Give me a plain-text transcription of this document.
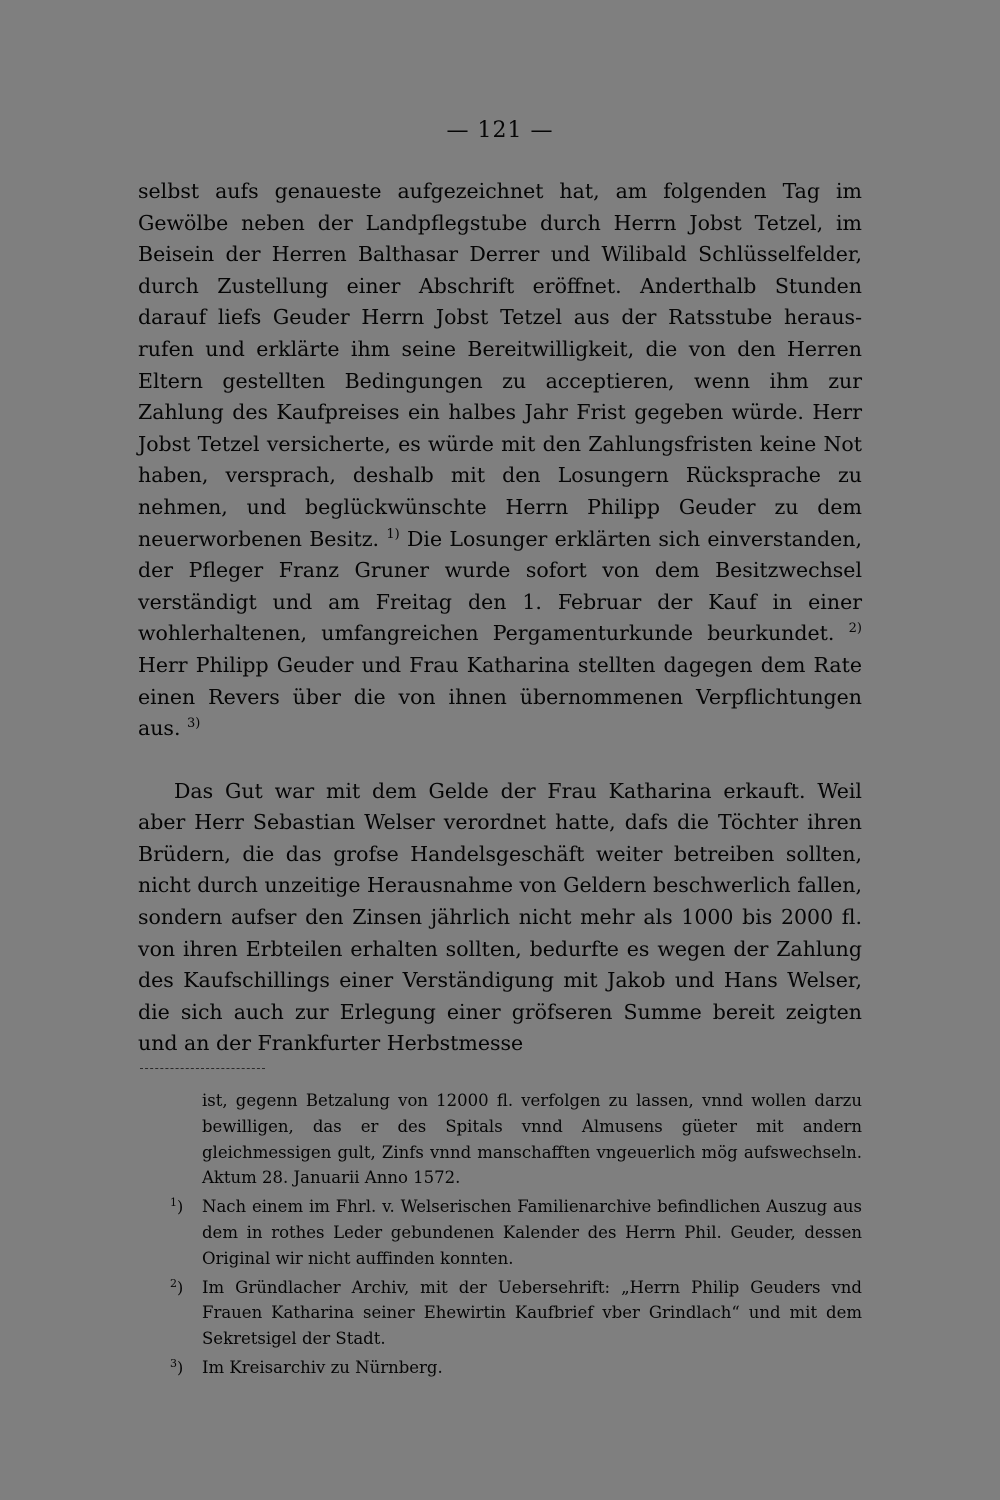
— 121 —

selbst aufs genaueste aufgezeichnet hat, am folgenden Tag im Gewölbe neben der Landpflegstube durch Herrn Jobst Tetzel, im Beisein der Herren Balthasar Derrer und Wilibald Schlüsselfelder, durch Zustellung einer Abschrift eröffnet. Anderthalb Stunden darauf liefs Geuder Herrn Jobst Tetzel aus der Ratsstube herausrufen und erklärte ihm seine Bereitwilligkeit, die von den Herren Eltern gestellten Bedingungen zu acceptieren, wenn ihm zur Zahlung des Kaufpreises ein halbes Jahr Frist gegeben würde. Herr Jobst Tetzel versicherte, es würde mit den Zahlungsfristen keine Not haben, versprach, deshalb mit den Losungern Rücksprache zu nehmen, und beglückwünschte Herrn Philipp Geuder zu dem neuerworbenen Besitz. $^{1)}$ Die Losunger erklärten sich einverstanden, der Pfleger Franz Gruner wurde sofort von dem Besitzwechsel verständigt und am Freitag den 1. Februar der Kauf in einer wohlerhaltenen, umfangreichen Pergamenturkunde beurkundet. $^{2)}$ Herr Philipp Geuder und Frau Katharina stellten dagegen dem Rate einen Revers über die von ihnen übernommenen Verpflichtungen aus. $^{3)}$

Das Gut war mit dem Gelde der Frau Katharina erkauft. Weil aber Herr Sebastian Welser verordnet hatte, dafs die Töchter ihren Brüdern, die das grofse Handelsgeschäft weiter betreiben sollten, nicht durch unzeitige Herausnahme von Geldern beschwerlich fallen, sondern aufser den Zinsen jährlich nicht mehr als 1000 bis 2000 fl. von ihren Erbteilen erhalten sollten, bedurfte es wegen der Zahlung des Kaufschillings einer Verständigung mit Jakob und Hans Welser, die sich auch zur Erlegung einer gröfseren Summe bereit zeigten und an der Frankfurter Herbstmesse

ist, gegenn Betzalung von 12000 fl. verfolgen zu lassen, vnnd wollen darzu bewilligen, das er des Spitals vnnd Almusens güeter mit andern gleichmessigen gult, Zinfs vnnd manschafften vngeuerlich mög aufswechseln. Aktum 28. Januarii Anno 1572.
$^1$) Nach einem im Fhrl. v. Welserischen Familienarchive befindlichen Auszug aus dem in rothes Leder gebundenen Kalender des Herrn Phil. Geuder, dessen Original wir nicht auffinden konnten.
$^2$) Im Gründlacher Archiv, mit der Uebersehrift: „Herrn Philip Geuders vnd Frauen Katharina seiner Ehewirtin Kaufbrief vber Grindlach“ und mit dem Sekretsigel der Stadt.
$^3$) Im Kreisarchiv zu Nürnberg.
